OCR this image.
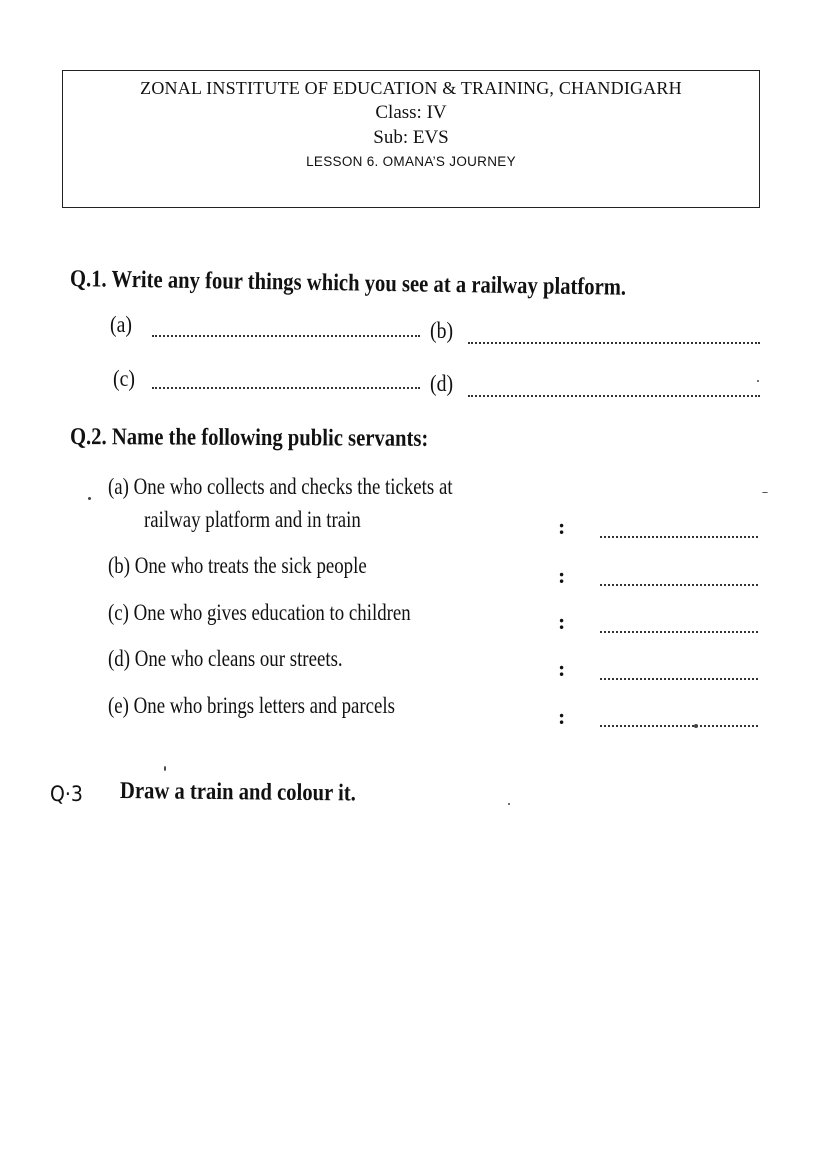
ZONAL INSTITUTE OF EDUCATION & TRAINING, CHANDIGARH
Class: IV
Sub: EVS
LESSON 6. OMANA’S JOURNEY
Q.1. Write any four things which you see at a railway platform.
(a)	(b)
(c)	(d)
Q.2. Name the following public servants:
(a) One who collects and checks the tickets at
railway platform and in train	:
(b) One who treats the sick people	:
(c) One who gives education to children	:
(d) One who cleans our streets.	:
(e) One who brings letters and parcels	:
Q·3 Draw a train and colour it.
